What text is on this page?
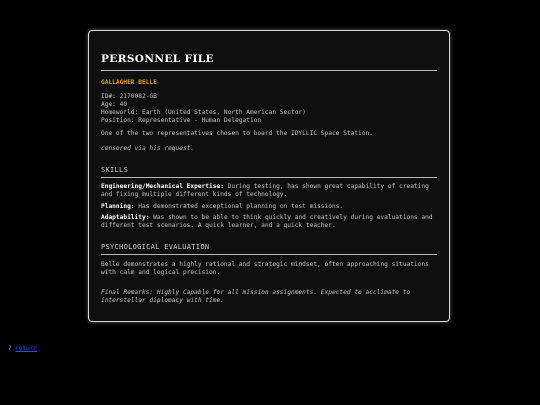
PERSONNEL FILE
GALLAGHER BELLE
ID#: 2170082-GB
Age: 40
Homeworld: Earth (United States, North American Sector)
Position: Representative - Human Delegation
One of the two representatives chosen to board the IDYLLIC Space Station.
censored via his request.
SKILLS
Engineering/Mechanical Expertise: During testing, has shown great capability of creating and fixing multiple different kinds of technology.
Planning: Has demonstrated exceptional planning on test missions.
Adaptability: Was shown to be able to think quickly and creatively during evaluations and different test scenarios. A quick learner, and a quick teacher.
PSYCHOLOGICAL EVALUATION
Belle demonstrates a highly rational and strategic mindset, often approaching situations with calm and logical precision.
Final Remarks: Highly Capable for all mission assignments. Expected to acclimate to interstellar diplomacy with time.
? return
